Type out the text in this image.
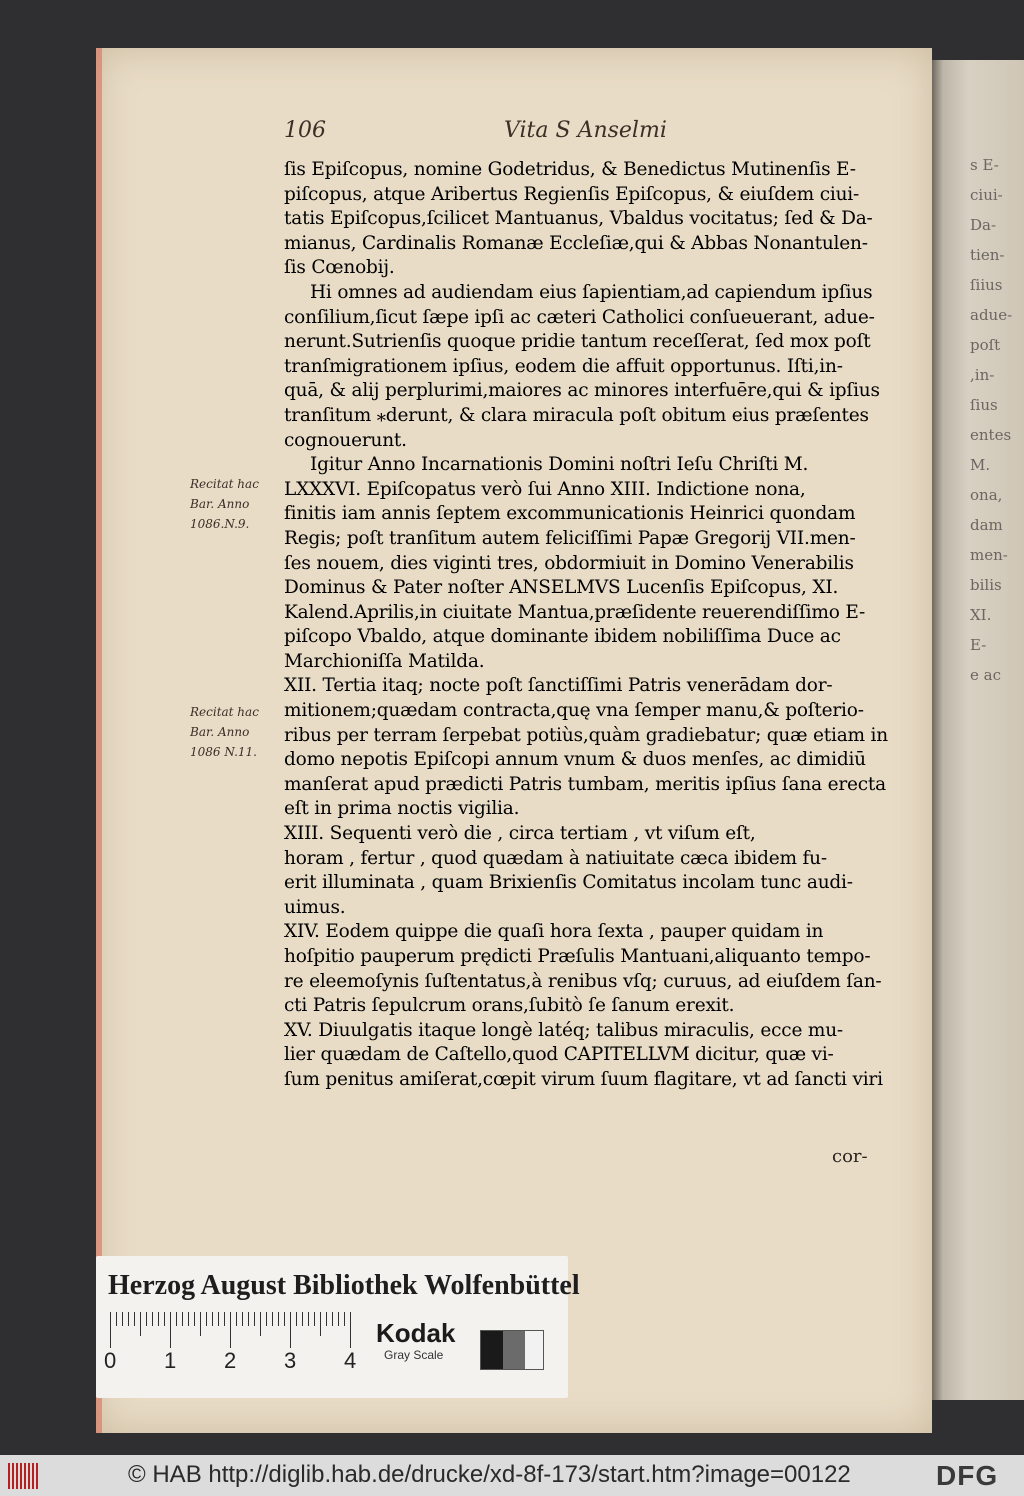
s E-
ciui-
Da-
tien-
ſiius
adue-
poſt
,in-
ſius
entes
M.
ona,
dam
men-
bilis
XI.
E-
e ac
106	Vita S Anselmi
ſis Epiſcopus, nomine Godetridus, & Benedictus Mutinenſis E-
piſcopus, atque Aribertus Regienſis Epiſcopus, & eiuſdem ciui-
tatis Epiſcopus,ſcilicet Mantuanus, Vbaldus vocitatus; ſed & Da-
mianus, Cardinalis Romanæ Eccleſiæ,qui & Abbas Nonantulen-
ſis Cœnobij.
Hi omnes ad audiendam eius ſapientiam,ad capiendum ipſius
conſilium,ſicut ſæpe ipſi ac cæteri Catholici conſueuerant, adue-
nerunt.Sutrienſis quoque pridie tantum receſſerat, ſed mox poſt
tranſmigrationem ipſius, eodem die affuit opportunus. Iſti,in-
quā, & alij perplurimi,maiores ac minores interfuēre,qui & ipſius
tranſitum ⁎derunt, & clara miracula poſt obitum eius præſentes
cognouerunt.
Igitur Anno Incarnationis Domini noſtri Ieſu Chriſti M.
LXXXVI. Epiſcopatus verò ſui Anno XIII. Indictione nona,
finitis iam annis ſeptem excommunicationis Heinrici quondam
Regis; poſt tranſitum autem feliciſſimi Papæ Gregorij VII.men-
ſes nouem, dies viginti tres, obdormiuit in Domino Venerabilis
Dominus & Pater noſter ANSELMVS Lucenſis Epiſcopus, XI.
Kalend.Aprilis,in ciuitate Mantua,præſidente reuerendiſſimo E-
piſcopo Vbaldo, atque dominante ibidem nobiliſſima Duce ac
Marchioniſſa Matilda.
XII. Tertia itaq; nocte poſt ſanctiſſimi Patris venerādam dor-
mitionem;quædam contracta,quę vna ſemper manu,& poſterio-
ribus per terram ſerpebat potiùs,quàm gradiebatur; quæ etiam in
domo nepotis Epiſcopi annum vnum & duos menſes, ac dimidiū
manſerat apud prædicti Patris tumbam, meritis ipſius ſana erecta
eſt in prima noctis vigilia.
XIII. Sequenti verò die , circa tertiam , vt viſum eſt,
horam , fertur , quod quædam à natiuitate cæca ibidem fu-
erit illuminata , quam Brixienſis Comitatus incolam tunc audi-
uimus.
XIV. Eodem quippe die quaſi hora ſexta , pauper quidam in
hoſpitio pauperum prędicti Præſulis Mantuani,aliquanto tempo-
re eleemoſynis ſuſtentatus,à renibus vſq; curuus, ad eiuſdem ſan-
cti Patris ſepulcrum orans,ſubitò ſe ſanum erexit.
XV. Diuulgatis itaque longè latéq; talibus miraculis, ecce mu-
lier quædam de Caſtello,quod CAPITELLVM dicitur, quæ vi-
ſum penitus amiſerat,cœpit virum ſuum flagitare, vt ad ſancti viri
Recitat hac
Bar. Anno
1086.N.9.
Recitat hac
Bar. Anno
1086 N.11.
cor-
Herzog August Bibliothek Wolfenbüttel
0 1 2 3 4
Kodak
Gray Scale
© HAB http://diglib.hab.de/drucke/xd-8f-173/start.htm?image=00122	DFG
